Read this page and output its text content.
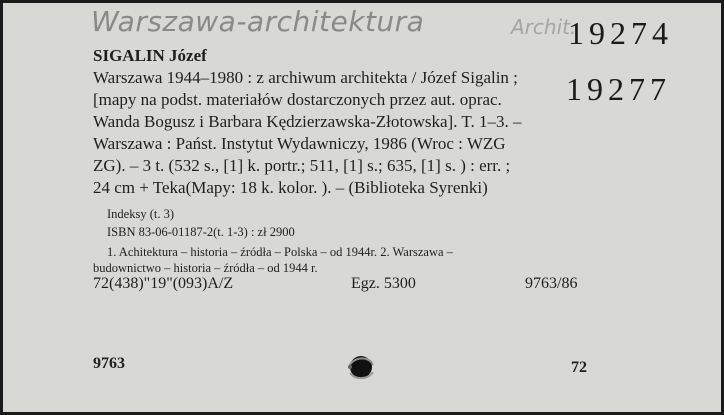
Warszawa-architektura	Archit.
19274
19277
SIGALIN Józef
Warszawa 1944–1980 : z archiwum architekta / Józef Sigalin ;
[mapy na podst. materiałów dostarczonych przez aut. oprac.
Wanda Bogusz i Barbara Kędzierzawska-Złotowska]. T. 1–3. –
Warszawa : Państ. Instytut Wydawniczy, 1986 (Wroc : WZG
ZG). – 3 t. (532 s., [1] k. portr.; 511, [1] s.; 635, [1] s. ) : err. ;
24 cm + Teka(Mapy: 18 k. kolor. ). – (Biblioteka Syrenki)
Indeksy (t. 3)
ISBN 83-06-01187-2(t. 1-3) : zł 2900
1. Achitektura – historia – źródła – Polska – od 1944r. 2. Warszawa –
budownictwo – historia – źródła – od 1944 r.
72(438)"19"(093)A/Z	Egz. 5300	9763/86
9763	72
